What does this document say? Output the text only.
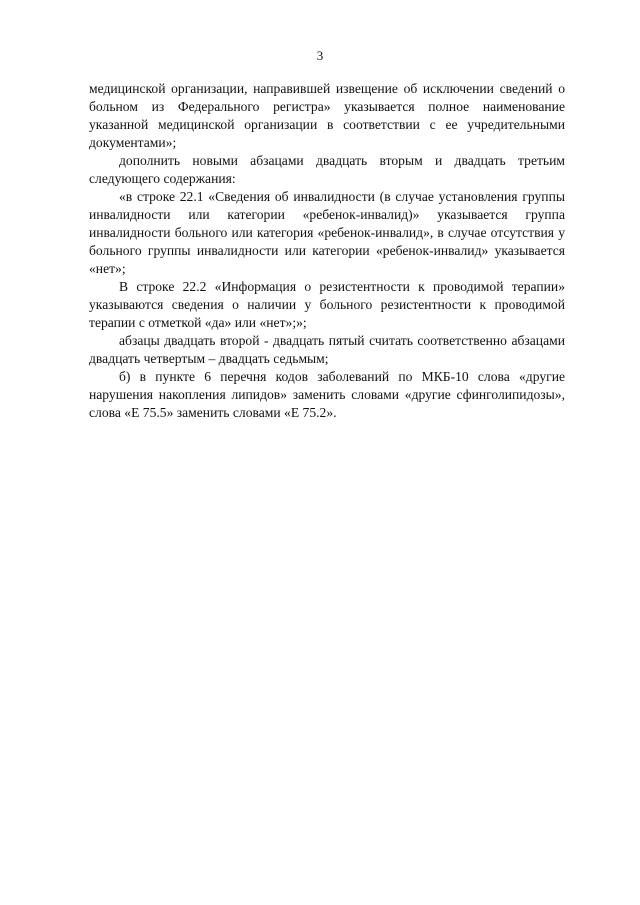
3

медицинской организации, направившей извещение об исключении сведений о больном из Федерального регистра» указывается полное наименование указанной медицинской организации в соответствии с ее учредительными документами»;

дополнить новыми абзацами двадцать вторым и двадцать третьим следующего содержания:

«в строке 22.1 «Сведения об инвалидности (в случае установления группы инвалидности или категории «ребенок-инвалид)» указывается группа инвалидности больного или категория «ребенок-инвалид», в случае отсутствия у больного группы инвалидности или категории «ребенок-инвалид» указывается «нет»;

В строке 22.2 «Информация о резистентности к проводимой терапии» указываются сведения о наличии у больного резистентности к проводимой терапии с отметкой «да» или «нет»;»;

абзацы двадцать второй - двадцать пятый считать соответственно абзацами двадцать четвертым – двадцать седьмым;

б) в пункте 6 перечня кодов заболеваний по МКБ-10 слова «другие нарушения накопления липидов» заменить словами «другие сфинголипидозы», слова «Е 75.5» заменить словами «Е 75.2».
